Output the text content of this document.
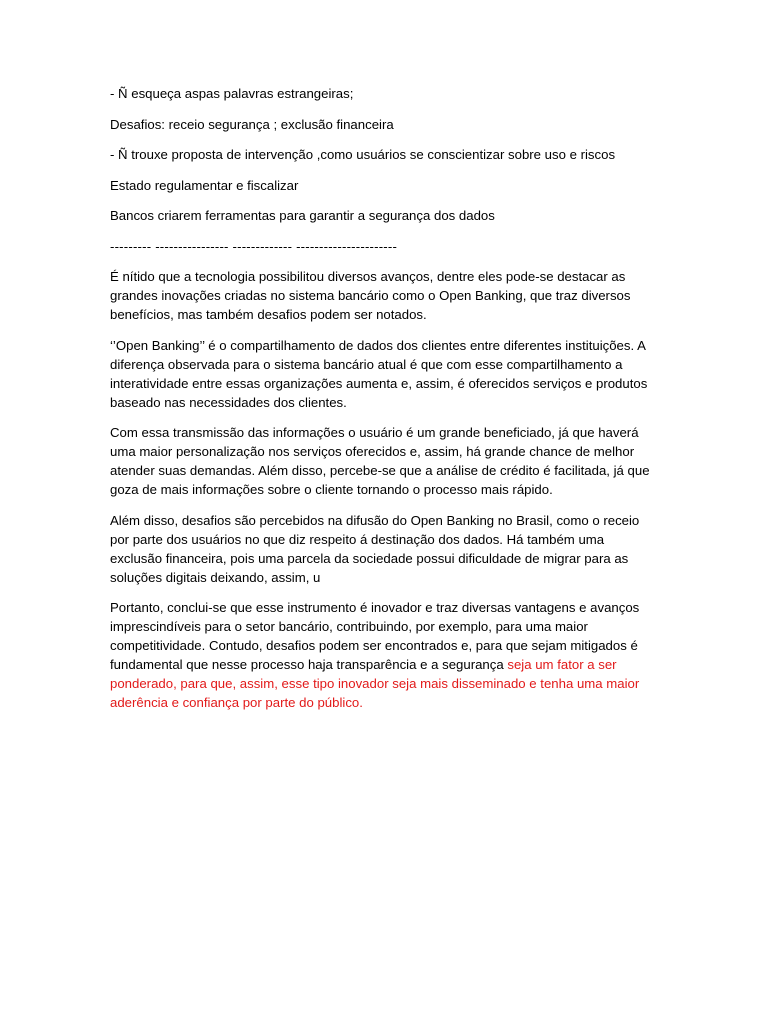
- Ñ esqueça aspas palavras estrangeiras;

Desafios: receio segurança ; exclusão financeira

- Ñ trouxe proposta de intervenção ,como usuários se conscientizar sobre uso e riscos

Estado regulamentar e fiscalizar

Bancos criarem ferramentas para garantir a segurança dos dados

--------- ---------------- ------------- ----------------------

É nítido que a tecnologia possibilitou diversos avanços, dentre eles pode-se destacar as grandes inovações criadas no sistema bancário como o Open Banking, que traz diversos benefícios, mas também desafios podem ser notados.

‘’Open Banking’’ é o compartilhamento de dados dos clientes entre diferentes instituições. A diferença observada para o sistema bancário atual é que com esse compartilhamento a interatividade entre essas organizações aumenta e, assim, é oferecidos serviços e produtos baseado nas necessidades dos clientes.

Com essa transmissão das informações o usuário é um grande beneficiado, já que haverá uma maior personalização nos serviços oferecidos e, assim, há grande chance de melhor atender suas demandas. Além disso, percebe-se que a análise de crédito é facilitada, já que goza de mais informações sobre o cliente tornando o processo mais rápido.

Além disso, desafios são percebidos na difusão do Open Banking no Brasil, como o receio por parte dos usuários no que diz respeito á destinação dos dados. Há também uma exclusão financeira, pois uma parcela da sociedade possui dificuldade de migrar para as soluções digitais deixando, assim, u

Portanto, conclui-se que esse instrumento é inovador e traz diversas vantagens e avanços imprescindíveis para o setor bancário, contribuindo, por exemplo, para uma maior competitividade. Contudo, desafios podem ser encontrados e, para que sejam mitigados é fundamental que nesse processo haja transparência e a segurança seja um fator a ser ponderado, para que, assim, esse tipo inovador seja mais disseminado e tenha uma maior aderência e confiança por parte do público.
